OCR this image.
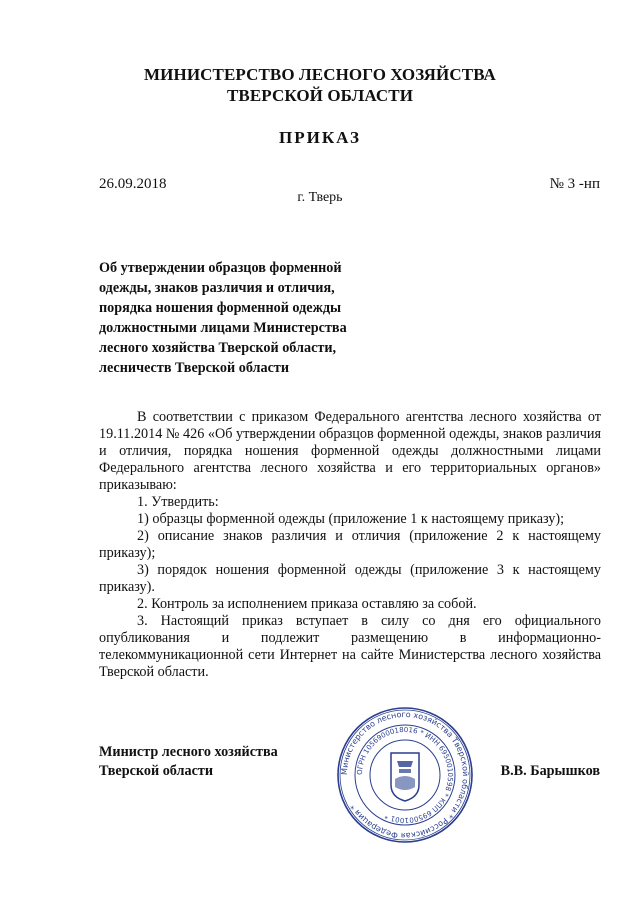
МИНИСТЕРСТВО ЛЕСНОГО ХОЗЯЙСТВА
ТВЕРСКОЙ ОБЛАСТИ
ПРИКАЗ
26.09.2018	№ 3 -нп
г. Тверь
Об утверждении образцов форменной
одежды, знаков различия и отличия,
порядка ношения форменной одежды
должностными лицами Министерства
лесного хозяйства Тверской области,
лесничеств Тверской области

В соответствии с приказом Федерального агентства лесного хозяйства от 19.11.2014 № 426 «Об утверждении образцов форменной одежды, знаков различия и отличия, порядка ношения форменной одежды должностными лицами Федерального агентства лесного хозяйства и его территориальных органов» приказываю:

1. Утвердить:

1) образцы форменной одежды (приложение 1 к настоящему приказу);

2) описание знаков различия и отличия (приложение 2 к настоящему приказу);

3) порядок ношения форменной одежды (приложение 3 к настоящему приказу).

2. Контроль за исполнением приказа оставляю за собой.

3. Настоящий приказ вступает в силу со дня его официального опубликования и подлежит размещению в информационно-телекоммуникационной сети Интернет на сайте Министерства лесного хозяйства Тверской области.

Министр лесного хозяйства
Тверской области	Министерство лесного хозяйства Тверской области * Российская Федерация *
ОГРН 1056900018016 * ИНН 6950010598 * КПП 695001001 *
В.В. Барышков
